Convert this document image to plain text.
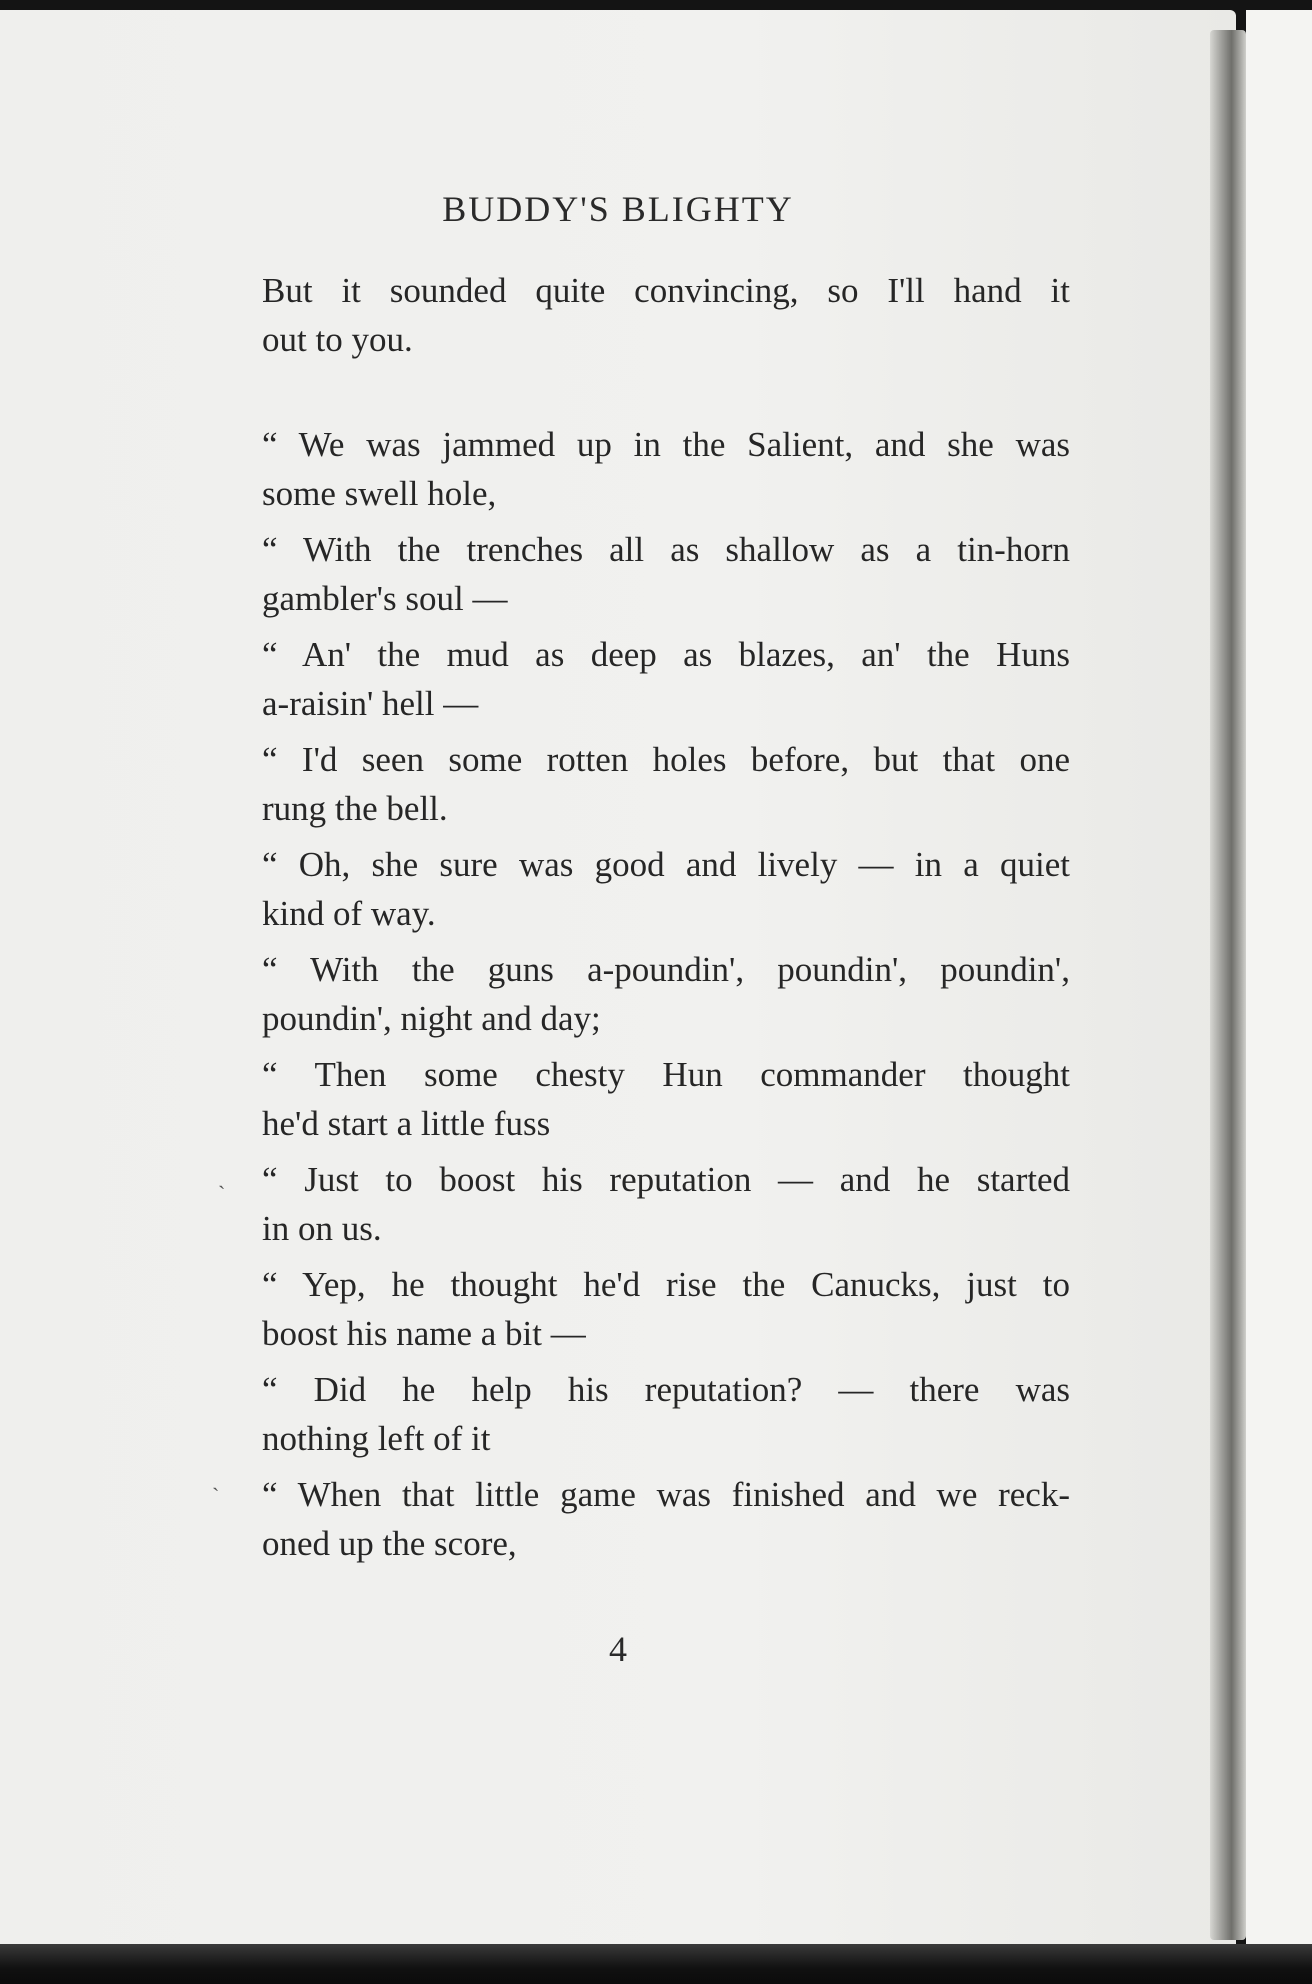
BUDDY'S BLIGHTY

But it sounded quite convincing, so I'll hand it
out to you.

“ We was jammed up in the Salient, and she was
some swell hole,

“ With the trenches all as shallow as a tin-horn
gambler's soul —

“ An' the mud as deep as blazes, an' the Huns
a-raisin' hell —

“ I'd seen some rotten holes before, but that one
rung the bell.

“ Oh, she sure was good and lively — in a quiet
kind of way.

“ With the guns a-poundin', poundin', poundin',
poundin', night and day;

“ Then some chesty Hun commander thought
he'd start a little fuss

“ Just to boost his reputation — and he started
in on us.

“ Yep, he thought he'd rise the Canucks, just to
boost his name a bit —

“ Did he help his reputation? — there was
nothing left of it

“ When that little game was finished and we reck-
oned up the score,

ˎ
ˎ
4
